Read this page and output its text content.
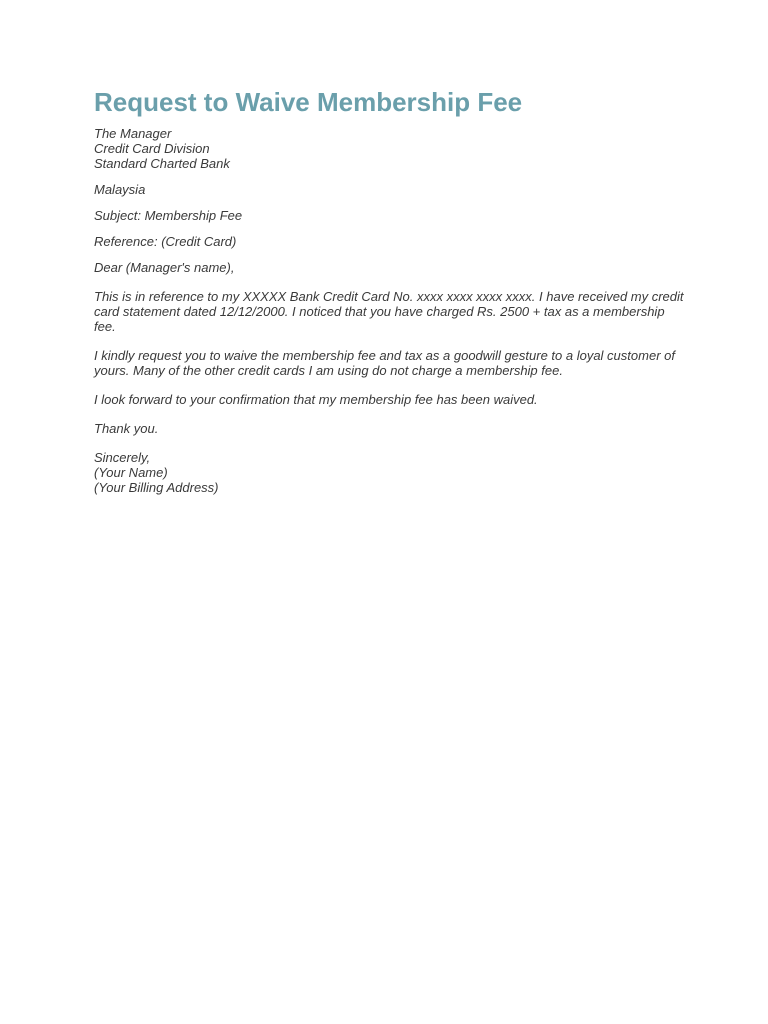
Request to Waive Membership Fee
The Manager
Credit Card Division
Standard Charted Bank
Malaysia
Subject: Membership Fee
Reference: (Credit Card)
Dear (Manager's name),
This is in reference to my XXXXX Bank Credit Card No. xxxx xxxx xxxx xxxx. I have received my credit card statement dated 12/12/2000. I noticed that you have charged Rs. 2500 + tax as a membership fee.
I kindly request you to waive the membership fee and tax as a goodwill gesture to a loyal customer of yours. Many of the other credit cards I am using do not charge a membership fee.
I look forward to your confirmation that my membership fee has been waived.
Thank you.
Sincerely,
(Your Name)
(Your Billing Address)
